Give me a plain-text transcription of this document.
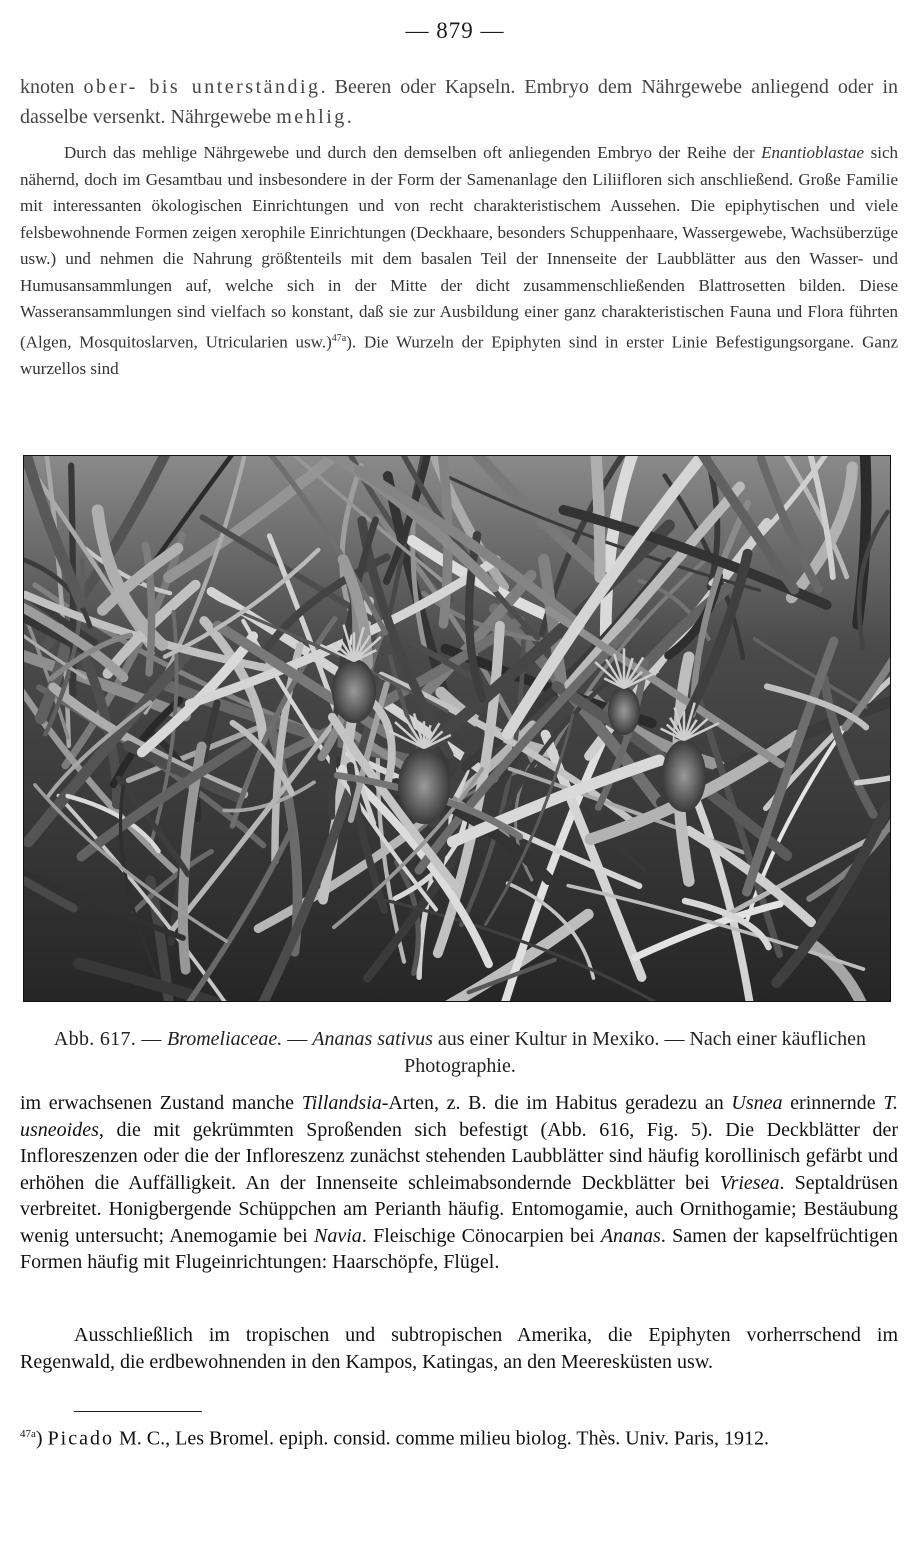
— 879 —
knoten ober- bis unterständig. Beeren oder Kapseln. Embryo dem Nährgewebe anliegend oder in dasselbe versenkt. Nährgewebe mehlig.
Durch das mehlige Nährgewebe und durch den demselben oft anliegenden Embryo der Reihe der Enantioblastae sich nähernd, doch im Gesamtbau und insbesondere in der Form der Samenanlage den Liliifloren sich anschließend. Große Familie mit interessanten ökologischen Einrichtungen und von recht charakteristischem Aussehen. Die epiphytischen und viele felsbewohnende Formen zeigen xerophile Einrichtungen (Deckhaare, besonders Schuppenhaare, Wassergewebe, Wachsüberzüge usw.) und nehmen die Nahrung größtenteils mit dem basalen Teil der Innenseite der Laubblätter aus den Wasser- und Humusansammlungen auf, welche sich in der Mitte der dicht zusammenschließenden Blattrosetten bilden. Diese Wasseransammlungen sind vielfach so konstant, daß sie zur Ausbildung einer ganz charakteristischen Fauna und Flora führten (Algen, Mosquitoslarven, Utricularien usw.)$^{47a}$). Die Wurzeln der Epiphyten sind in erster Linie Befestigungsorgane. Ganz wurzellos sind
Abb. 617. — Bromeliaceae. — Ananas sativus aus einer Kultur in Mexiko. — Nach einer käuflichen Photographie.
im erwachsenen Zustand manche Tillandsia-Arten, z. B. die im Habitus geradezu an Usnea erinnernde T. usneoides, die mit gekrümmten Sproßenden sich befestigt (Abb. 616, Fig. 5). Die Deckblätter der Infloreszenzen oder die der Infloreszenz zunächst stehenden Laubblätter sind häufig korollinisch gefärbt und erhöhen die Auffälligkeit. An der Innenseite schleimabsondernde Deckblätter bei Vriesea. Septaldrüsen verbreitet. Honigbergende Schüppchen am Perianth häufig. Entomogamie, auch Ornithogamie; Bestäubung wenig untersucht; Anemogamie bei Navia. Fleischige Cönocarpien bei Ananas. Samen der kapselfrüchtigen Formen häufig mit Flugeinrichtungen: Haarschöpfe, Flügel.
Ausschließlich im tropischen und subtropischen Amerika, die Epiphyten vorherrschend im Regenwald, die erdbewohnenden in den Kampos, Katingas, an den Meeresküsten usw.
$^{47a}$) Picado M. C., Les Bromel. epiph. consid. comme milieu biolog. Thès. Univ. Paris, 1912.
